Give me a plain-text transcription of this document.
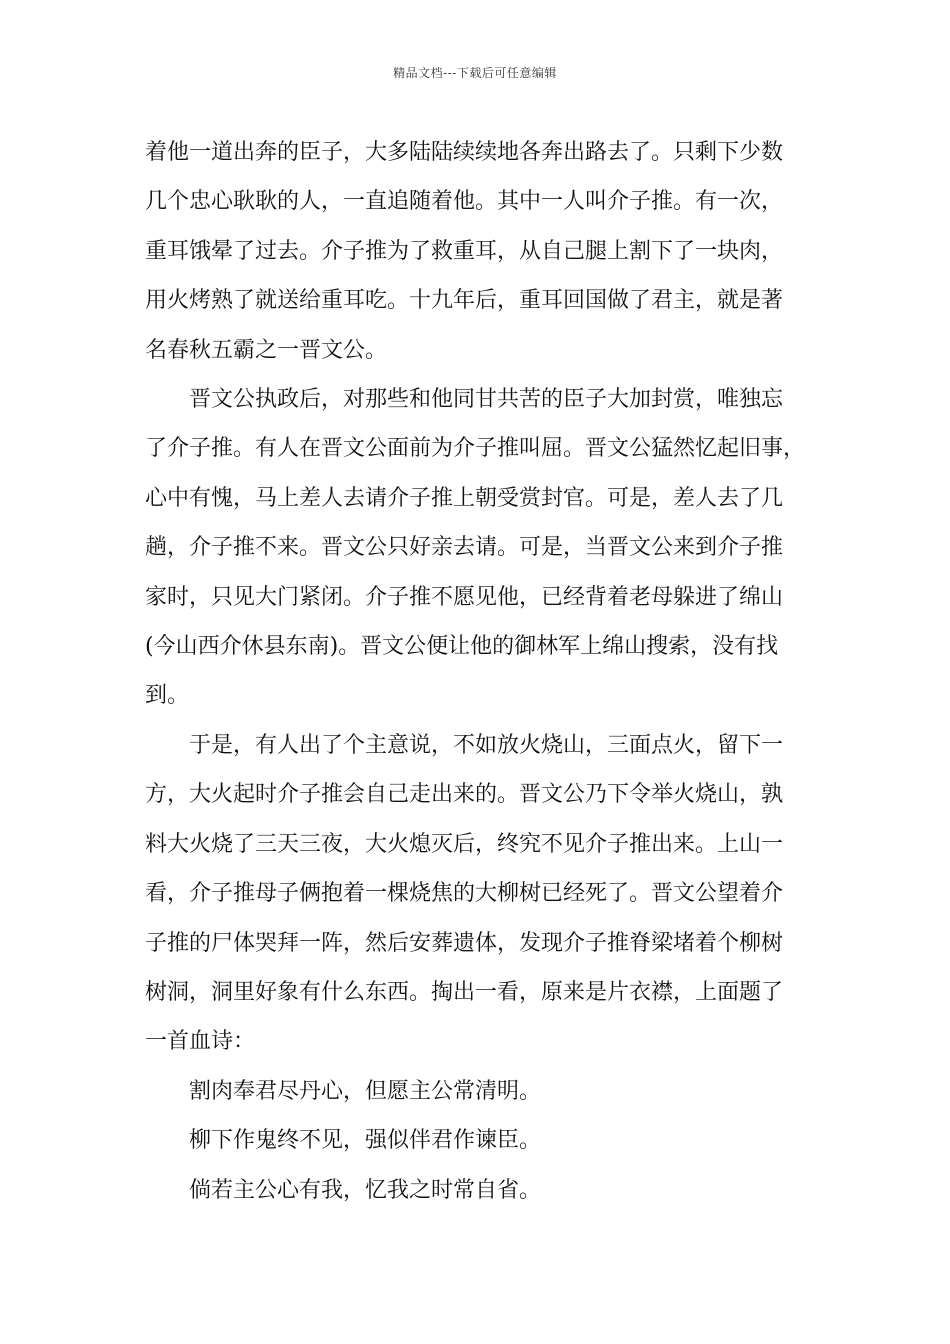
精品文档---下载后可任意编辑
着他一道出奔的臣子，大多陆陆续续地各奔出路去了。只剩下少数
几个忠心耿耿的人，一直追随着他。其中一人叫介子推。有一次，
重耳饿晕了过去。介子推为了救重耳，从自己腿上割下了一块肉，
用火烤熟了就送给重耳吃。十九年后，重耳回国做了君主，就是著
名春秋五霸之一晋文公。
晋文公执政后，对那些和他同甘共苦的臣子大加封赏，唯独忘
了介子推。有人在晋文公面前为介子推叫屈。晋文公猛然忆起旧事，
心中有愧，马上差人去请介子推上朝受赏封官。可是，差人去了几
趟，介子推不来。晋文公只好亲去请。可是，当晋文公来到介子推
家时，只见大门紧闭。介子推不愿见他，已经背着老母躲进了绵山
(今山西介休县东南)。晋文公便让他的御林军上绵山搜索，没有找
到。
于是，有人出了个主意说，不如放火烧山，三面点火，留下一
方，大火起时介子推会自己走出来的。晋文公乃下令举火烧山，孰
料大火烧了三天三夜，大火熄灭后，终究不见介子推出来。上山一
看，介子推母子俩抱着一棵烧焦的大柳树已经死了。晋文公望着介
子推的尸体哭拜一阵，然后安葬遗体，发现介子推脊梁堵着个柳树
树洞，洞里好象有什么东西。掏出一看，原来是片衣襟，上面题了
一首血诗：

割肉奉君尽丹心，但愿主公常清明。

柳下作鬼终不见，强似伴君作谏臣。

倘若主公心有我，忆我之时常自省。
